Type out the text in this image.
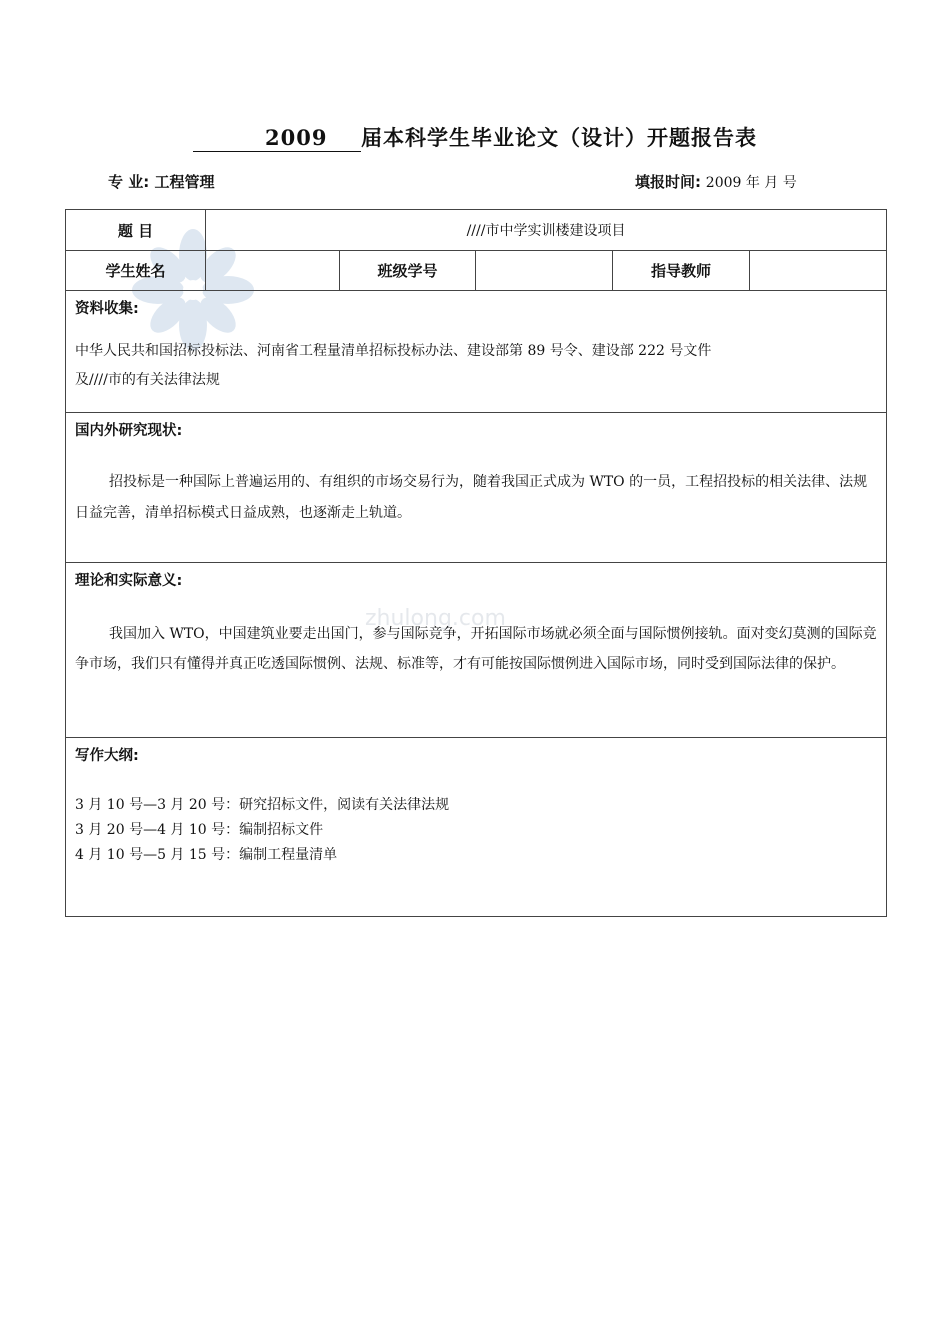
zhulong.com
2009 届本科学生毕业论文（设计）开题报告表
专 业: 工程管理	填报时间: 2009 年 月 号
题 目	////市中学实训楼建设项目				
学生姓名		班级学号		指导教师	

资料收集:
中华人民共和国招标投标法、河南省工程量清单招标投标办法、建设部第 89 号令、建设部 222 号文件
及////市的有关法律法规					

国内外研究现状:
招投标是一种国际上普遍运用的、有组织的市场交易行为，随着我国正式成为 WTO 的一员，工程招投标的相关法律、法规日益完善，清单招标模式日益成熟，也逐渐走上轨道。					

理论和实际意义:
我国加入 WTO，中国建筑业要走出国门，参与国际竞争，开拓国际市场就必须全面与国际惯例接轨。面对变幻莫测的国际竞争市场，我们只有懂得并真正吃透国际惯例、法规、标准等，才有可能按国际惯例进入国际市场，同时受到国际法律的保护。					

写作大纲:
3 月 10 号—3 月 20 号：研究招标文件，阅读有关法律法规
3 月 20 号—4 月 10 号：编制招标文件
4 月 10 号—5 月 15 号：编制工程量清单					
